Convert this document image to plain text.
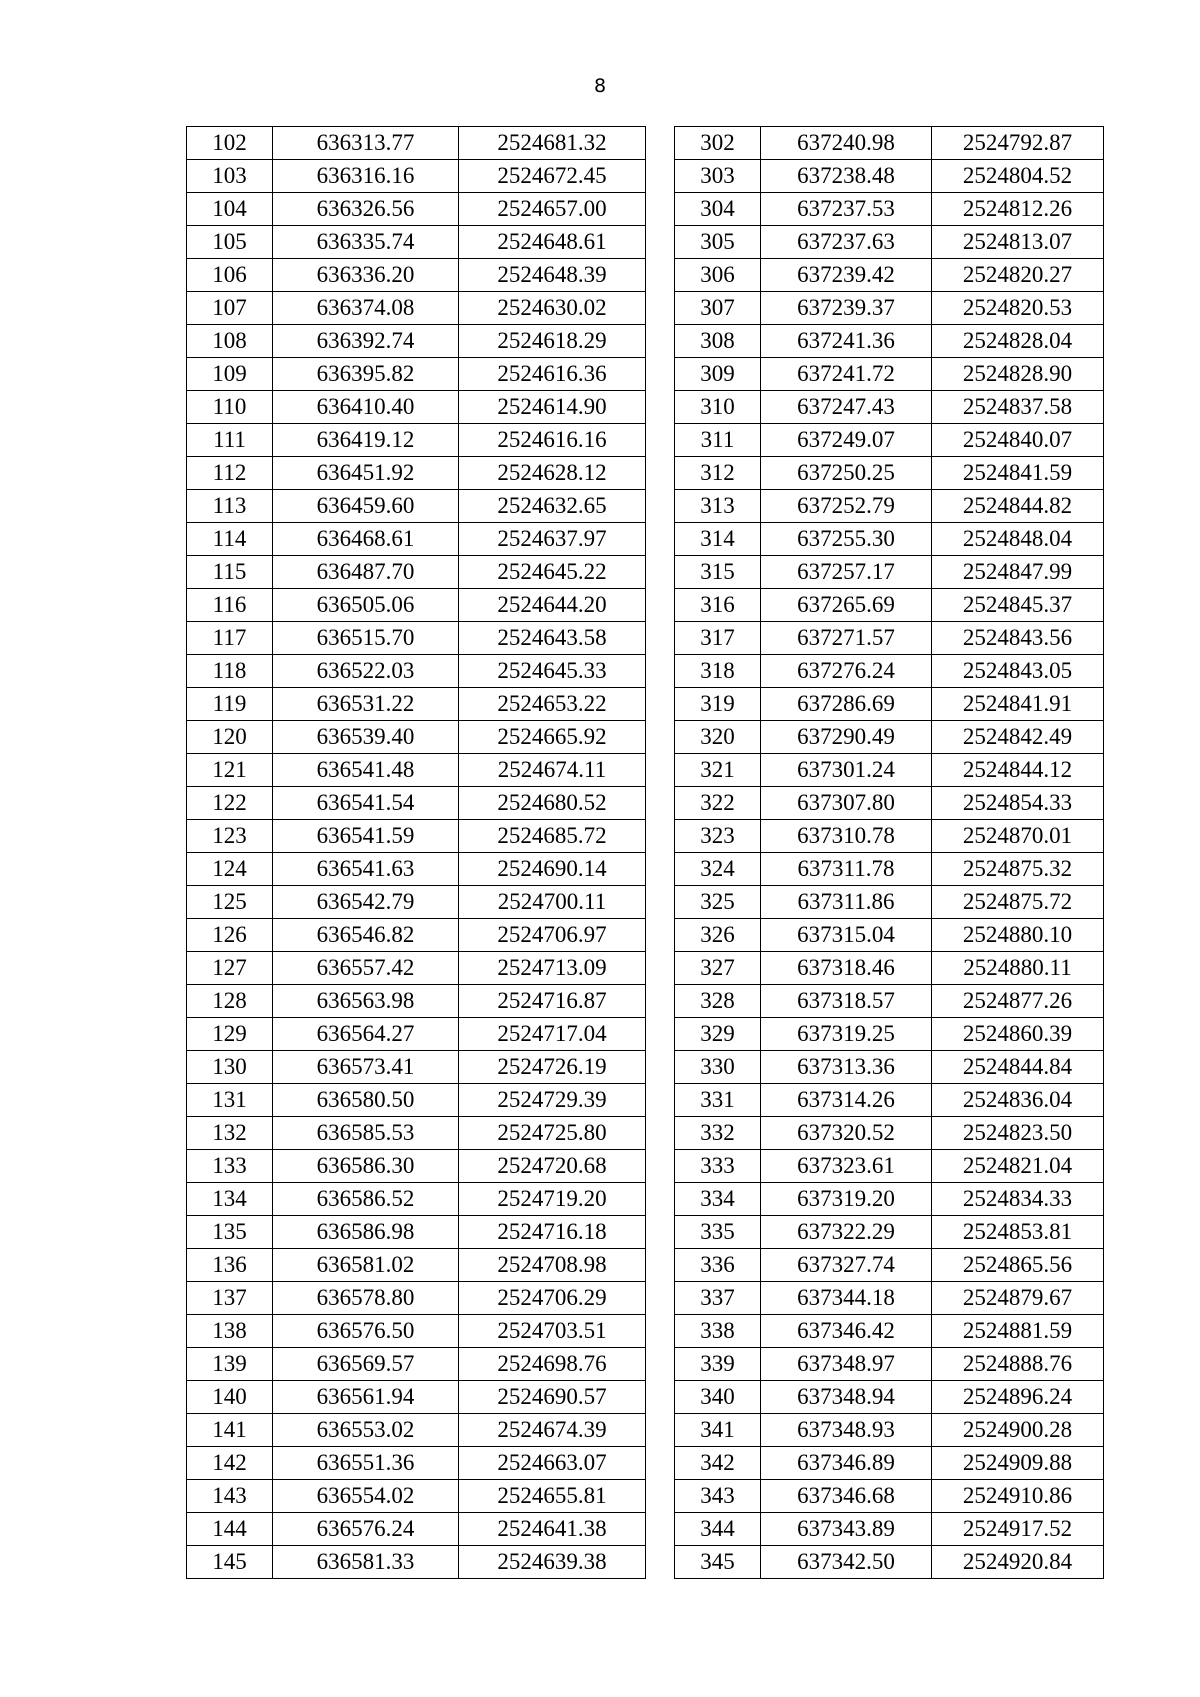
8
102	636313.77	2524681.32
103	636316.16	2524672.45
104	636326.56	2524657.00
105	636335.74	2524648.61
106	636336.20	2524648.39
107	636374.08	2524630.02
108	636392.74	2524618.29
109	636395.82	2524616.36
110	636410.40	2524614.90
111	636419.12	2524616.16
112	636451.92	2524628.12
113	636459.60	2524632.65
114	636468.61	2524637.97
115	636487.70	2524645.22
116	636505.06	2524644.20
117	636515.70	2524643.58
118	636522.03	2524645.33
119	636531.22	2524653.22
120	636539.40	2524665.92
121	636541.48	2524674.11
122	636541.54	2524680.52
123	636541.59	2524685.72
124	636541.63	2524690.14
125	636542.79	2524700.11
126	636546.82	2524706.97
127	636557.42	2524713.09
128	636563.98	2524716.87
129	636564.27	2524717.04
130	636573.41	2524726.19
131	636580.50	2524729.39
132	636585.53	2524725.80
133	636586.30	2524720.68
134	636586.52	2524719.20
135	636586.98	2524716.18
136	636581.02	2524708.98
137	636578.80	2524706.29
138	636576.50	2524703.51
139	636569.57	2524698.76
140	636561.94	2524690.57
141	636553.02	2524674.39
142	636551.36	2524663.07
143	636554.02	2524655.81
144	636576.24	2524641.38
145	636581.33	2524639.38
302	637240.98	2524792.87
303	637238.48	2524804.52
304	637237.53	2524812.26
305	637237.63	2524813.07
306	637239.42	2524820.27
307	637239.37	2524820.53
308	637241.36	2524828.04
309	637241.72	2524828.90
310	637247.43	2524837.58
311	637249.07	2524840.07
312	637250.25	2524841.59
313	637252.79	2524844.82
314	637255.30	2524848.04
315	637257.17	2524847.99
316	637265.69	2524845.37
317	637271.57	2524843.56
318	637276.24	2524843.05
319	637286.69	2524841.91
320	637290.49	2524842.49
321	637301.24	2524844.12
322	637307.80	2524854.33
323	637310.78	2524870.01
324	637311.78	2524875.32
325	637311.86	2524875.72
326	637315.04	2524880.10
327	637318.46	2524880.11
328	637318.57	2524877.26
329	637319.25	2524860.39
330	637313.36	2524844.84
331	637314.26	2524836.04
332	637320.52	2524823.50
333	637323.61	2524821.04
334	637319.20	2524834.33
335	637322.29	2524853.81
336	637327.74	2524865.56
337	637344.18	2524879.67
338	637346.42	2524881.59
339	637348.97	2524888.76
340	637348.94	2524896.24
341	637348.93	2524900.28
342	637346.89	2524909.88
343	637346.68	2524910.86
344	637343.89	2524917.52
345	637342.50	2524920.84
